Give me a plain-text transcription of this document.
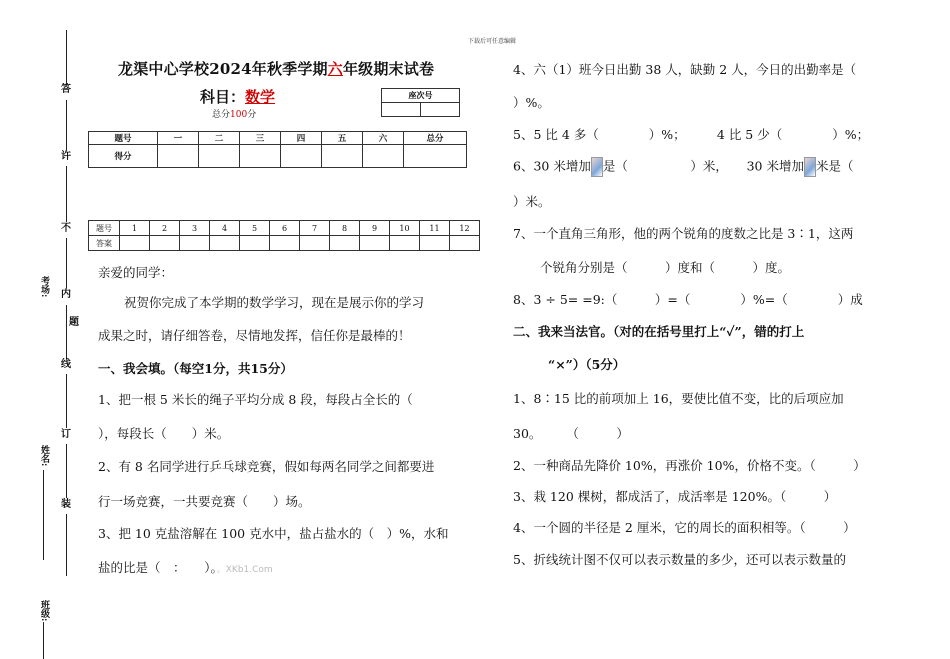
下载后可任意编辑
答
许
不
内
题
线
订
装
考场:
姓名:
班级:
龙渠中心学校2024年秋季学期六年级期末试卷
科目：数学
总分100分
座次号

题号	一	二	三	四	五	六	总分
得分							
题号	1	2	3	4	5	6	7	8	9	10	11	12
答案												
亲爱的同学：
祝贺你完成了本学期的数学学习，现在是展示你的学习
成果之时，请仔细答卷，尽情地发挥，信任你是最棒的！
一、我会填。（每空1分，共15分）
1、把一根 5 米长的绳子平均分成 8 段，每段占全长的（
），每段长（　　）米。
2、有 8 名同学进行乒乓球竞赛，假如每两名同学之间都要进
行一场竞赛，一共要竞赛（　　）场。
3、把 10 克盐溶解在 100 克水中，盐占盐水的（　）%，水和
盐的比是（　：　　）。。XKb1.Com
4、六（1）班今日出勤 38 人，缺勤 2 人，今日的出勤率是（
）%。
5、5 比 4 多（　　　　）%；　　　4 比 5 少（　　　　）%；
6、30 米增加 是（　　　　　）米，　　30 米增加 米是（
）米。
7、一个直角三角形，他的两个锐角的度数之比是 3∶1，这两
个锐角分别是（　　　）度和（　　　）度。
8、3 ÷ 5= =9:（　　　）=（　　　　）%=（　　　　）成
二、我来当法官。（对的在括号里打上“✓”，错的打上
“×”）（5分）
1、8∶15 比的前项加上 16，要使比值不变，比的后项应加
30。　　　（　　　）
2、一种商品先降价 10%，再涨价 10%，价格不变。（　　　）
3、栽 120 棵树，都成活了，成活率是 120%。（　　　）
4、一个圆的半径是 2 厘米，它的周长的面积相等。（　　　）
5、折线统计图不仅可以表示数量的多少，还可以表示数量的
